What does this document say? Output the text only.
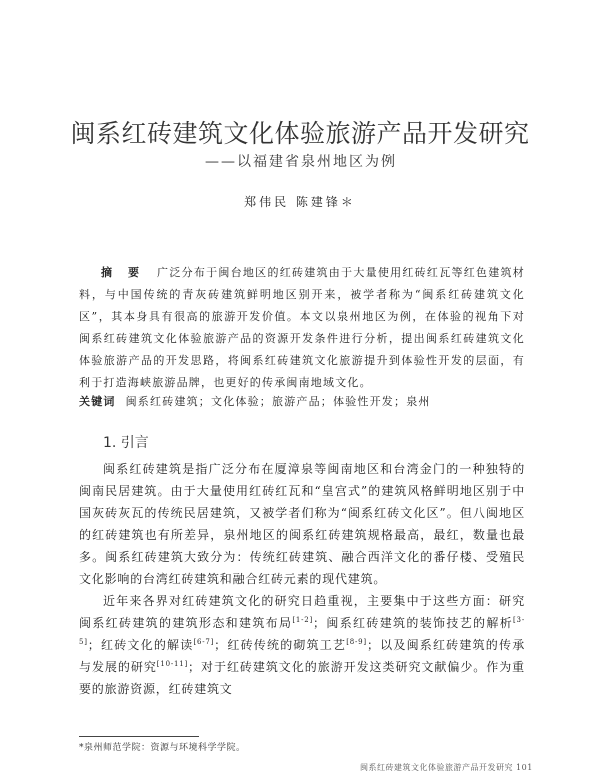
闽系红砖建筑文化体验旅游产品开发研究
——以福建省泉州地区为例
郑伟民 陈建锋＊
摘 要 广泛分布于闽台地区的红砖建筑由于大量使用红砖红瓦等红色建筑材料，与中国传统的青灰砖建筑鲜明地区别开来，被学者称为“闽系红砖建筑文化区”，其本身具有很高的旅游开发价值。本文以泉州地区为例，在体验的视角下对闽系红砖建筑文化体验旅游产品的资源开发条件进行分析，提出闽系红砖建筑文化体验旅游产品的开发思路，将闽系红砖建筑文化旅游提升到体验性开发的层面，有利于打造海峡旅游品牌，也更好的传承闽南地域文化。
关键词 闽系红砖建筑；文化体验；旅游产品；体验性开发；泉州
1. 引言
闽系红砖建筑是指广泛分布在厦漳泉等闽南地区和台湾金门的一种独特的闽南民居建筑。由于大量使用红砖红瓦和“皇宫式”的建筑风格鲜明地区别于中国灰砖灰瓦的传统民居建筑，又被学者们称为“闽系红砖文化区”。但八闽地区的红砖建筑也有所差异，泉州地区的闽系红砖建筑规格最高，最红，数量也最多。闽系红砖建筑大致分为：传统红砖建筑、融合西洋文化的番仔楼、受殖民文化影响的台湾红砖建筑和融合红砖元素的现代建筑。
近年来各界对红砖建筑文化的研究日趋重视，主要集中于这些方面：研究闽系红砖建筑的建筑形态和建筑布局[1-2]；闽系红砖建筑的装饰技艺的解析[3-5]；红砖文化的解读[6-7]；红砖传统的砌筑工艺[8-9]；以及闽系红砖建筑的传承与发展的研究[10-11]；对于红砖建筑文化的旅游开发这类研究文献偏少。作为重要的旅游资源，红砖建筑文
*泉州师范学院：资源与环境科学学院。
闽系红砖建筑文化体验旅游产品开发研究 101
